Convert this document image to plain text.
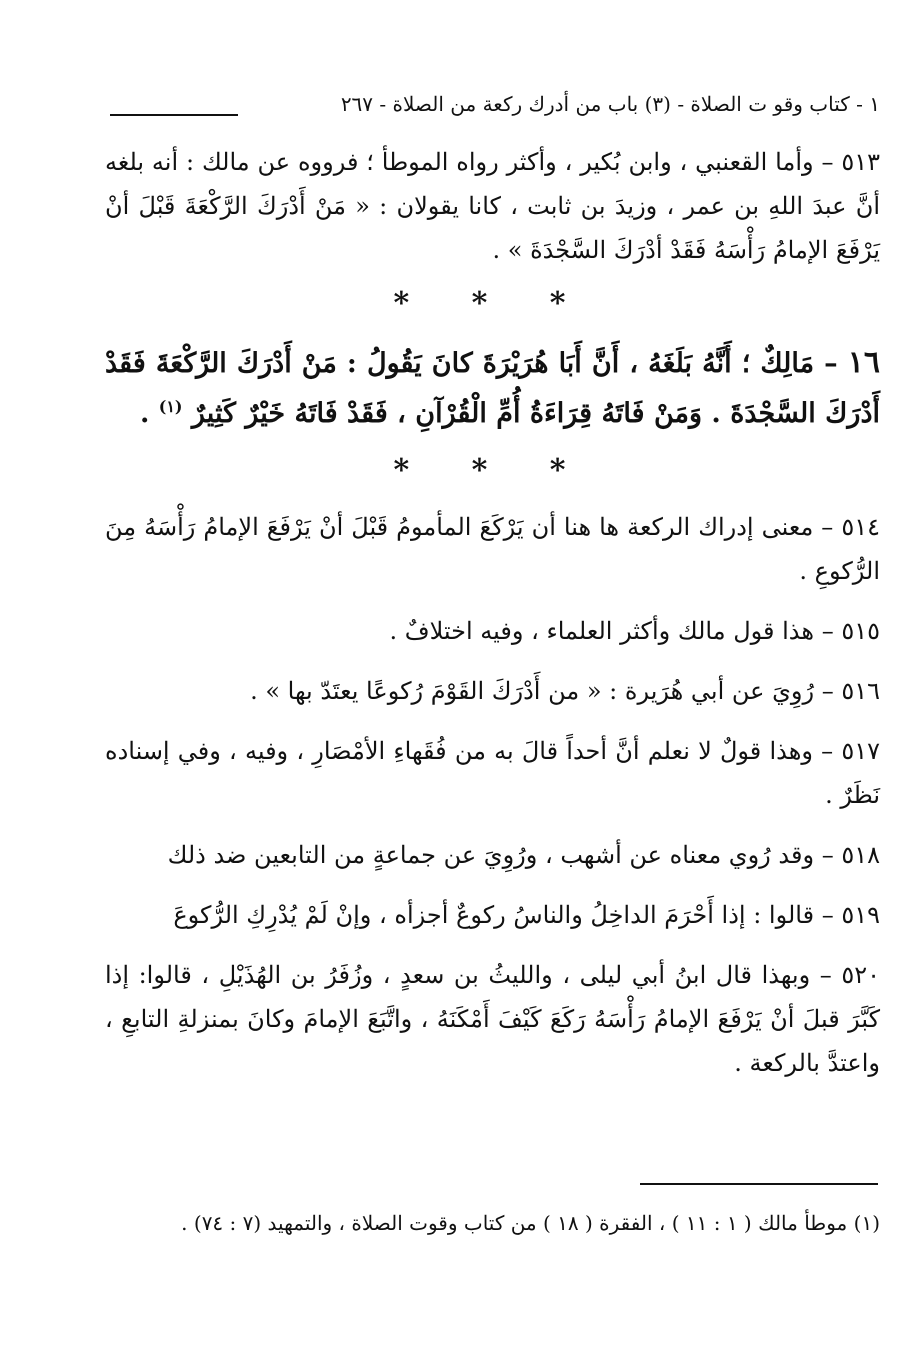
١ - كتاب وقو ت الصلاة - (٣) باب من أدرك ركعة من الصلاة - ٢٦٧

٥١٣ – وأما القعنبي ، وابن بُكير ، وأكثر رواه الموطأ ؛ فرووه عن مالك : أنه بلغه أنَّ عبدَ اللهِ بن عمر ، وزيدَ بن ثابت ، كانا يقولان : « مَنْ أَدْرَكَ الرَّكْعَةَ قَبْلَ أنْ يَرْفَعَ الإمامُ رَأْسَهُ فَقَدْ أدْرَكَ السَّجْدَةَ » .

* * *

١٦ – مَالِكٌ ؛ أَنَّهُ بَلَغَهُ ، أَنَّ أَبَا هُرَيْرَةَ كانَ يَقُولُ : مَنْ أَدْرَكَ الرَّكْعَةَ فَقَدْ أَدْرَكَ السَّجْدَةَ . وَمَنْ فَاتَهُ قِرَاءَةُ أُمِّ الْقُرْآنِ ، فَقَدْ فَاتَهُ خَيْرٌ كَثِيرٌ $^{(١)}$ .

* * *

٥١٤ – معنى إدراك الركعة ها هنا أن يَرْكَعَ المأمومُ قَبْلَ أنْ يَرْفَعَ الإمامُ رَأْسَهُ مِنَ الرُّكوعِ .

٥١٥ – هذا قول مالك وأكثر العلماء ، وفيه اختلافٌ .

٥١٦ – رُوِيَ عن أبي هُرَيرة : « من أَدْرَكَ القَوْمَ رُكوعًا يعتَدّ بها » .

٥١٧ – وهذا قولٌ لا نعلم أنَّ أحداً قالَ به من فُقَهاءِ الأمْصَارِ ، وفيه ، وفي إسناده نَظَرٌ .

٥١٨ – وقد رُوي معناه عن أشهب ، ورُوِيَ عن جماعةٍ من التابعين ضد ذلك

٥١٩ – قالوا : إذا أَحْرَمَ الداخِلُ والناسُ ركوعٌ أجزأه ، وإنْ لَمْ يُدْرِكِ الرُّكوعَ

٥٢٠ – وبهذا قال ابنُ أبي ليلى ، والليثُ بن سعدٍ ، وزُفَرُ بن الهُذَيْلِ ، قالوا: إذا كَبَّرَ قبلَ أنْ يَرْفَعَ الإمامُ رَأْسَهُ رَكَعَ كَيْفَ أَمْكَنَهُ ، واتَّبَعَ الإمامَ وكانَ بمنزلةِ التابعِ ، واعتدَّ بالركعة .

(١) موطأ مالك ( ١ : ١١ ) ، الفقرة ( ١٨ ) من كتاب وقوت الصلاة ، والتمهيد (٧ : ٧٤) .
